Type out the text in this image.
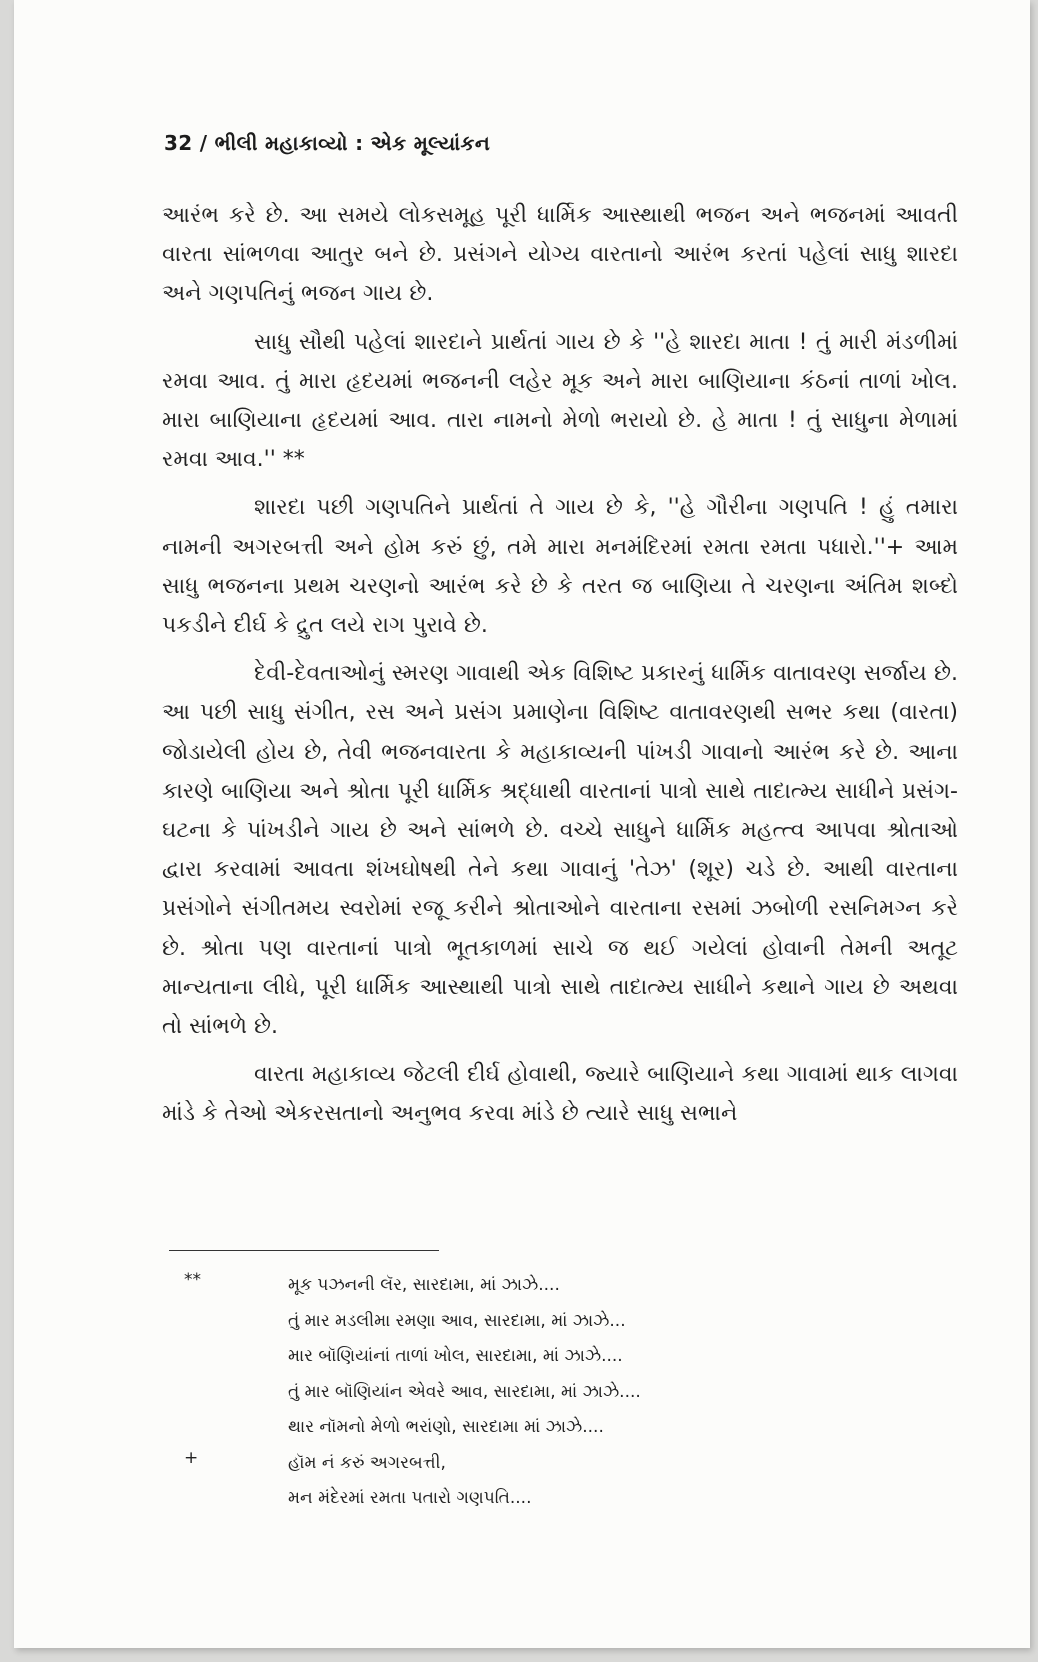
32 / ભીલી મહાકાવ્યો : એક મૂલ્યાંકન

આરંભ કરે છે. આ સમયે લોકસમૂહ પૂરી ધાર્મિક આસ્થાથી ભજન અને ભજનમાં આવતી વારતા સાંભળવા આતુર બને છે. પ્રસંગને યોગ્ય વારતાનો આરંભ કરતાં પહેલાં સાધુ શારદા અને ગણપતિનું ભજન ગાય છે.

સાધુ સૌથી પહેલાં શારદાને પ્રાર્થતાં ગાય છે કે ''હે શારદા માતા ! તું મારી મંડળીમાં રમવા આવ. તું મારા હૃદયમાં ભજનની લહેર મૂક અને મારા બાણિયાના કંઠનાં તાળાં ખોલ. મારા બાણિયાના હૃદયમાં આવ. તારા નામનો મેળો ભરાયો છે. હે માતા ! તું સાધુના મેળામાં રમવા આવ.'' **

શારદા પછી ગણપતિને પ્રાર્થતાં તે ગાય છે કે, ''હે ગૌરીના ગણપતિ ! હું તમારા નામની અગરબત્તી અને હોમ કરું છું, તમે મારા મનમંદિરમાં રમતા રમતા પધારો.''+ આમ સાધુ ભજનના પ્રથમ ચરણનો આરંભ કરે છે કે તરત જ બાણિયા તે ચરણના અંતિમ શબ્દો પકડીને દીર્ઘ કે દ્રુત લયે રાગ પુરાવે છે.

દેવી-દેવતાઓનું સ્મરણ ગાવાથી એક વિશિષ્ટ પ્રકારનું ધાર્મિક વાતાવરણ સર્જાય છે. આ પછી સાધુ સંગીત, રસ અને પ્રસંગ પ્રમાણેના વિશિષ્ટ વાતાવરણથી સભર કથા (વારતા) જોડાયેલી હોય છે, તેવી ભજનવારતા કે મહાકાવ્યની પાંખડી ગાવાનો આરંભ કરે છે. આના કારણે બાણિયા અને શ્રોતા પૂરી ધાર્મિક શ્રદ્ધાથી વારતાનાં પાત્રો સાથે તાદાત્મ્ય સાધીને પ્રસંગ-ઘટના કે પાંખડીને ગાય છે અને સાંભળે છે. વચ્ચે સાધુને ધાર્મિક મહત્ત્વ આપવા શ્રોતાઓ દ્વારા કરવામાં આવતા શંખઘોષથી તેને કથા ગાવાનું 'તેઝ' (શૂર) ચડે છે. આથી વારતાના પ્રસંગોને સંગીતમય સ્વરોમાં રજૂ કરીને શ્રોતાઓને વારતાના રસમાં ઝબોળી રસનિમગ્ન કરે છે. શ્રોતા પણ વારતાનાં પાત્રો ભૂતકાળમાં સાચે જ થઈ ગયેલાં હોવાની તેમની અતૂટ માન્યતાના લીધે, પૂરી ધાર્મિક આસ્થાથી પાત્રો સાથે તાદાત્મ્ય સાધીને કથાને ગાય છે અથવા તો સાંભળે છે.

વારતા મહાકાવ્ય જેટલી દીર્ઘ હોવાથી, જ્યારે બાણિયાને કથા ગાવામાં થાક લાગવા માંડે કે તેઓ એકરસતાનો અનુભવ કરવા માંડે છે ત્યારે સાધુ સભાને

**	મૂક પઝનની લૅર, સારદામા, માં ઝાઝે....
તું માર મડલીમા રમણા આવ, સારદામા, માં ઝાઝે...
માર બૉણિયાંનાં તાળાં ખોલ, સારદામા, માં ઝાઝે....
તું માર બૉણિયાંન એવરે આવ, સારદામા, માં ઝાઝે....
થાર નૉમનો મેળો ભરાંણો, સારદામા માં ઝાઝે....
+	હૉમ નં કરું અગરબત્તી,
મન મંદેરમાં રમતા પતારો ગણપતિ....
